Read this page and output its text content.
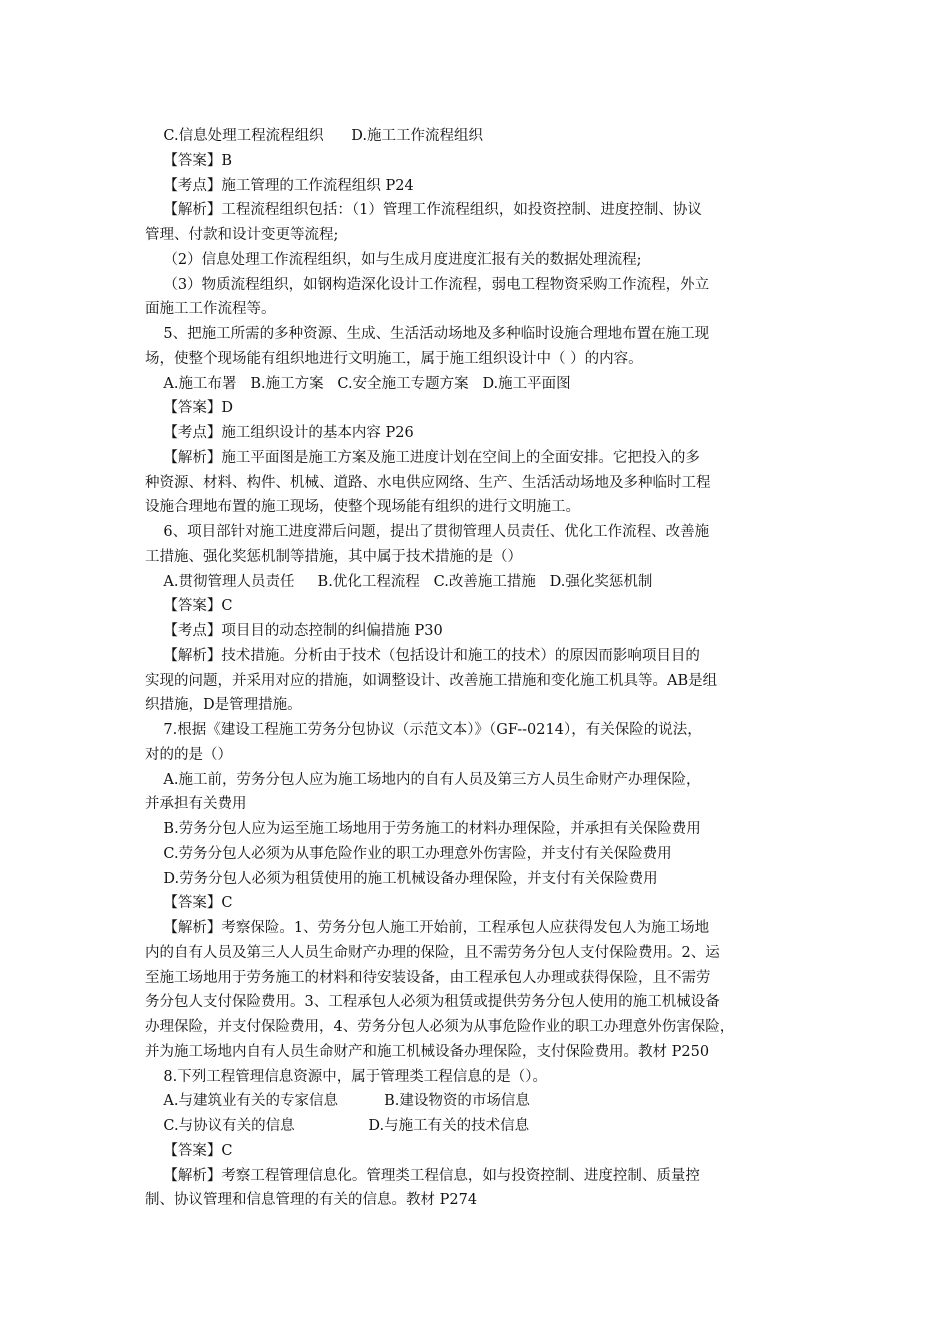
C.信息处理工程流程组织      D.施工工作流程组织
【答案】B
【考点】施工管理的工作流程组织 P24
【解析】工程流程组织包括：（1）管理工作流程组织，如投资控制、进度控制、协议
管理、付款和设计变更等流程;
（2）信息处理工作流程组织，如与生成月度进度汇报有关的数据处理流程;
（3）物质流程组织，如钢构造深化设计工作流程，弱电工程物资采购工作流程，外立
面施工工作流程等。
5、把施工所需的多种资源、生成、生活活动场地及多种临时设施合理地布置在施工现
场，使整个现场能有组织地进行文明施工，属于施工组织设计中（ ）的内容。
A.施工布署   B.施工方案   C.安全施工专题方案   D.施工平面图
【答案】D
【考点】施工组织设计的基本内容 P26
【解析】施工平面图是施工方案及施工进度计划在空间上的全面安排。它把投入的多
种资源、材料、构件、机械、道路、水电供应网络、生产、生活活动场地及多种临时工程
设施合理地布置的施工现场，使整个现场能有组织的进行文明施工。
6、项目部针对施工进度滞后问题，提出了贯彻管理人员责任、优化工作流程、改善施
工措施、强化奖惩机制等措施，其中属于技术措施的是（）
A.贯彻管理人员责任     B.优化工程流程   C.改善施工措施   D.强化奖惩机制
【答案】C
【考点】项目目的动态控制的纠偏措施 P30
【解析】技术措施。分析由于技术（包括设计和施工的技术）的原因而影响项目目的
实现的问题，并采用对应的措施，如调整设计、改善施工措施和变化施工机具等。AB是组
织措施，D是管理措施。
7.根据《建设工程施工劳务分包协议（示范文本）》（GF--0214），有关保险的说法，
对的的是（）
A.施工前，劳务分包人应为施工场地内的自有人员及第三方人员生命财产办理保险，
并承担有关费用
B.劳务分包人应为运至施工场地用于劳务施工的材料办理保险，并承担有关保险费用
C.劳务分包人必须为从事危险作业的职工办理意外伤害险，并支付有关保险费用
D.劳务分包人必须为租赁使用的施工机械设备办理保险，并支付有关保险费用
【答案】C
【解析】考察保险。1、劳务分包人施工开始前，工程承包人应获得发包人为施工场地
内的自有人员及第三人人员生命财产办理的保险，且不需劳务分包人支付保险费用。2、运
至施工场地用于劳务施工的材料和待安装设备，由工程承包人办理或获得保险，且不需劳
务分包人支付保险费用。3、工程承包人必须为租赁或提供劳务分包人使用的施工机械设备
办理保险，并支付保险费用，4、劳务分包人必须为从事危险作业的职工办理意外伤害保险，
并为施工场地内自有人员生命财产和施工机械设备办理保险，支付保险费用。教材 P250
8.下列工程管理信息资源中，属于管理类工程信息的是（）。
A.与建筑业有关的专家信息          B.建设物资的市场信息
C.与协议有关的信息                D.与施工有关的技术信息
【答案】C
【解析】考察工程管理信息化。管理类工程信息，如与投资控制、进度控制、质量控
制、协议管理和信息管理的有关的信息。教材 P274
